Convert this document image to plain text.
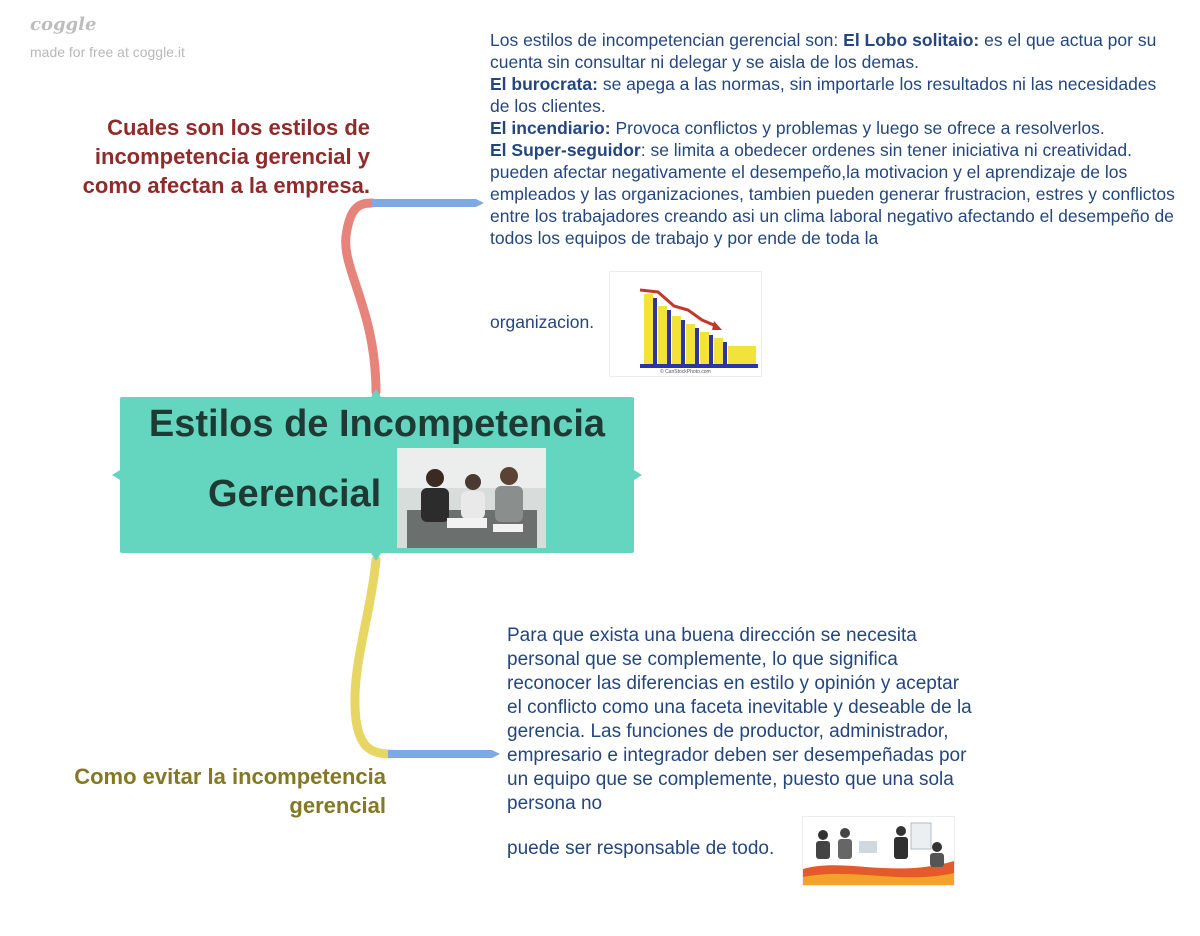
coggle
made for free at coggle.it
Estilos de Incompetencia
Gerencial
Cuales son los estilos de incompetencia gerencial y como afectan a la empresa.
Como evitar la incompetencia gerencial
Los estilos de incompetencian gerencial son: El Lobo solitaio: es el que actua por su cuenta sin consultar ni delegar y se aisla de los demas.
El burocrata: se apega a las normas, sin importarle los resultados ni las necesidades de los clientes.
El incendiario: Provoca conflictos y problemas y luego se ofrece a resolverlos.
El Super-seguidor: se limita a obedecer ordenes sin tener iniciativa ni creatividad.
pueden afectar negativamente el desempeño,la motivacion y el aprendizaje de los empleados y las organizaciones, tambien pueden generar frustracion, estres y conflictos entre los trabajadores creando asi un clima laboral negativo afectando el desempeño de todos los equipos de trabajo y por ende de toda la
organizacion.
© CanStockPhoto.com
Para que exista una buena dirección se necesita personal que se complemente, lo que significa reconocer las diferencias en estilo y opinión y aceptar el conflicto como una faceta inevitable y deseable de la gerencia. Las funciones de productor, administrador, empresario e integrador deben ser desempeñadas por un equipo que se complemente, puesto que una sola persona no
puede ser responsable de todo.
